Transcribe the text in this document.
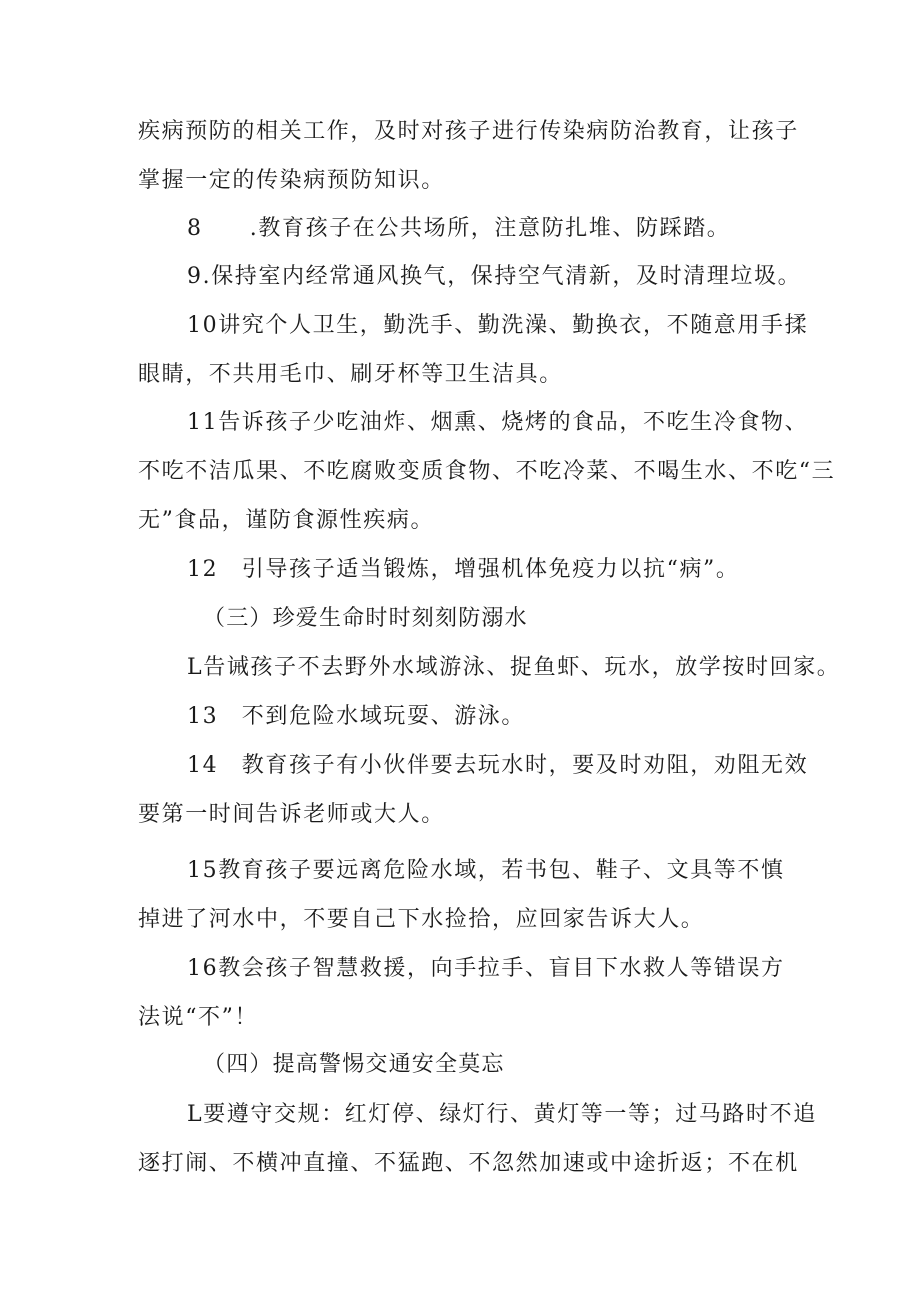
疾病预防的相关工作，及时对孩子进行传染病防治教育，让孩子
掌握一定的传染病预防知识。
8　　.教育孩子在公共场所，注意防扎堆、防踩踏。
9.保持室内经常通风换气，保持空气清新，及时清理垃圾。
10讲究个人卫生，勤洗手、勤洗澡、勤换衣，不随意用手揉
眼睛，不共用毛巾、刷牙杯等卫生洁具。
11告诉孩子少吃油炸、烟熏、烧烤的食品，不吃生冷食物、
不吃不洁瓜果、不吃腐败变质食物、不吃冷菜、不喝生水、不吃“三
无”食品，谨防食源性疾病。
12　引导孩子适当锻炼，增强机体免疫力以抗“病”。
（三）珍爱生命时时刻刻防溺水
L告诫孩子不去野外水域游泳、捉鱼虾、玩水，放学按时回家。
13　不到危险水域玩耍、游泳。
14　教育孩子有小伙伴要去玩水时，要及时劝阻，劝阻无效
要第一时间告诉老师或大人。
15教育孩子要远离危险水域，若书包、鞋子、文具等不慎
掉进了河水中，不要自己下水捡拾，应回家告诉大人。
16教会孩子智慧救援，向手拉手、盲目下水救人等错误方
法说“不”！
（四）提高警惕交通安全莫忘
L要遵守交规：红灯停、绿灯行、黄灯等一等；过马路时不追
逐打闹、不横冲直撞、不猛跑、不忽然加速或中途折返；不在机
